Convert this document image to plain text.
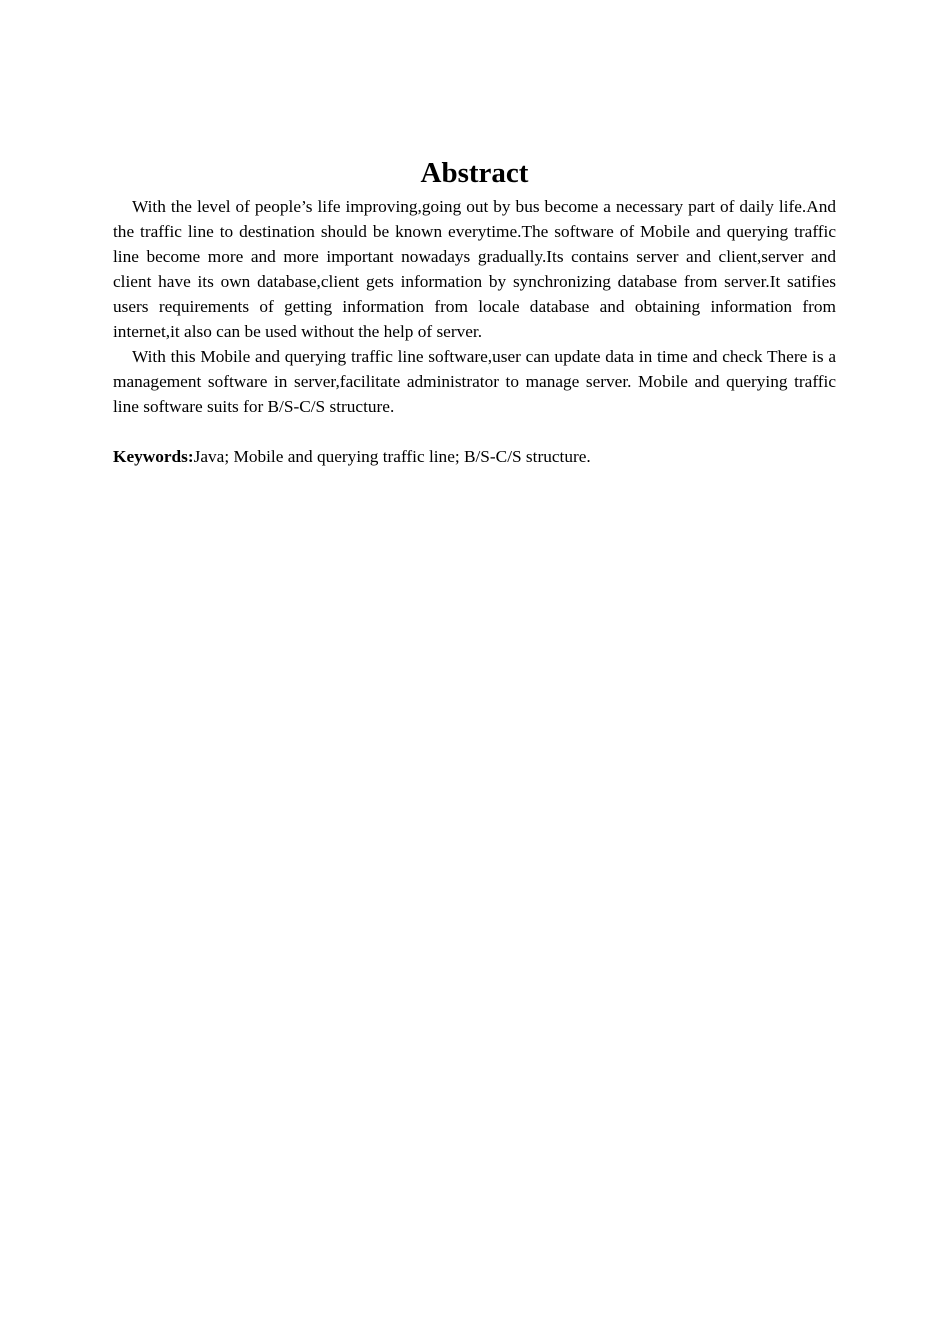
Abstract

With the level of people’s life improving,going out by bus become a necessary part of daily life.And the traffic line to destination should be known everytime.The software of Mobile and querying traffic line become more and more important nowadays gradually.Its contains server and client,server and client have its own database,client gets information by synchronizing database from server.It satifies users requirements of getting information from locale database and obtaining information from internet,it also can be used without the help of server.

With this Mobile and querying traffic line software,user can update data in time and check There is a management software in server,facilitate administrator to manage server. Mobile and querying traffic line software suits for B/S-C/S structure.

Keywords:Java; Mobile and querying traffic line; B/S-C/S structure.
